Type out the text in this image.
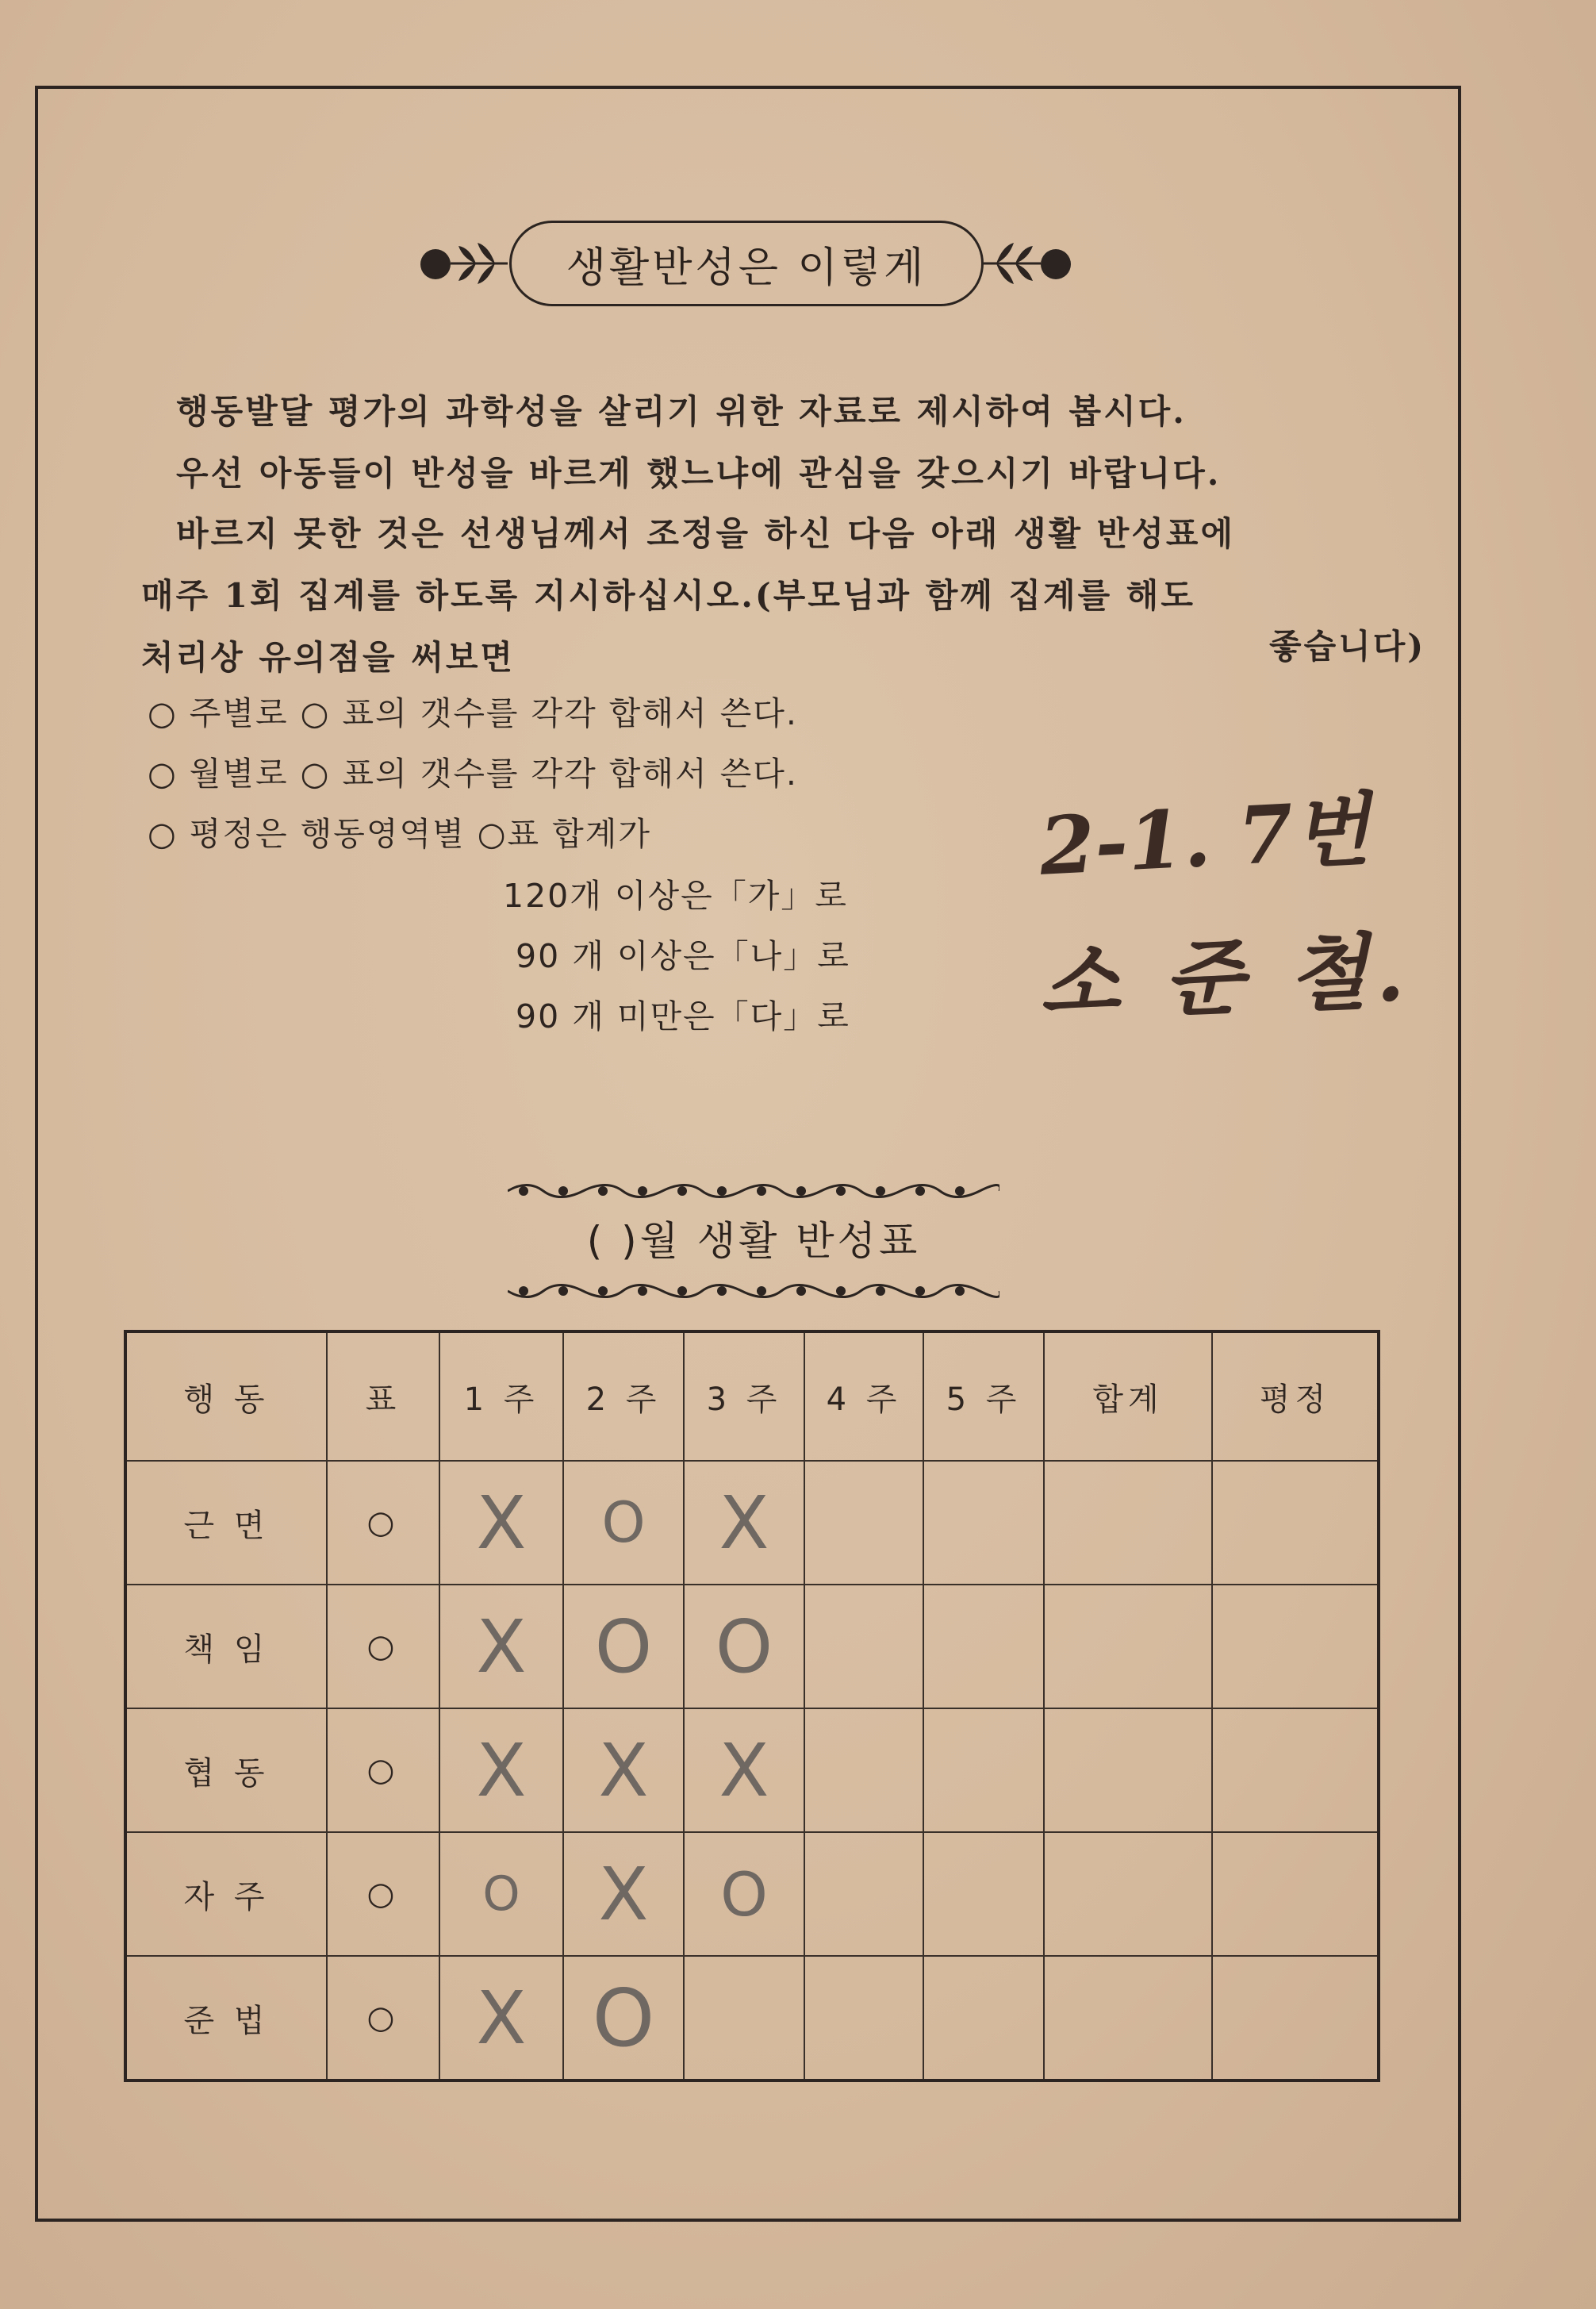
생활반성은 이렇게
행동발달 평가의 과학성을 살리기 위한 자료로 제시하여 봅시다.
우선 아동들이 반성을 바르게 했느냐에 관심을 갖으시기 바랍니다.
바르지 못한 것은 선생님께서 조정을 하신 다음 아래 생활 반성표에
매주 1회 집계를 하도록 지시하십시오.(부모님과 함께 집계를 해도
좋습니다)
처리상 유의점을 써보면
○ 주별로 ○ 표의 갯수를 각각 합해서 쓴다.
○ 월별로 ○ 표의 갯수를 각각 합해서 쓴다.
○ 평정은 행동영역별 ○표 합계가
120개 이상은「가」로
90 개 이상은「나」로
90 개 미만은「다」로
2-1. 7번
소 준 철.
( )월 생활 반성표
행 동	표	1 주	2 주	3 주	4 주	5 주	합계	평정
근 면	○	X	O	X				
책 임	○	X	O	O				
협 동	○	X	X	X				
자 주	○	O	X	O				
준 법	○	X	O					
